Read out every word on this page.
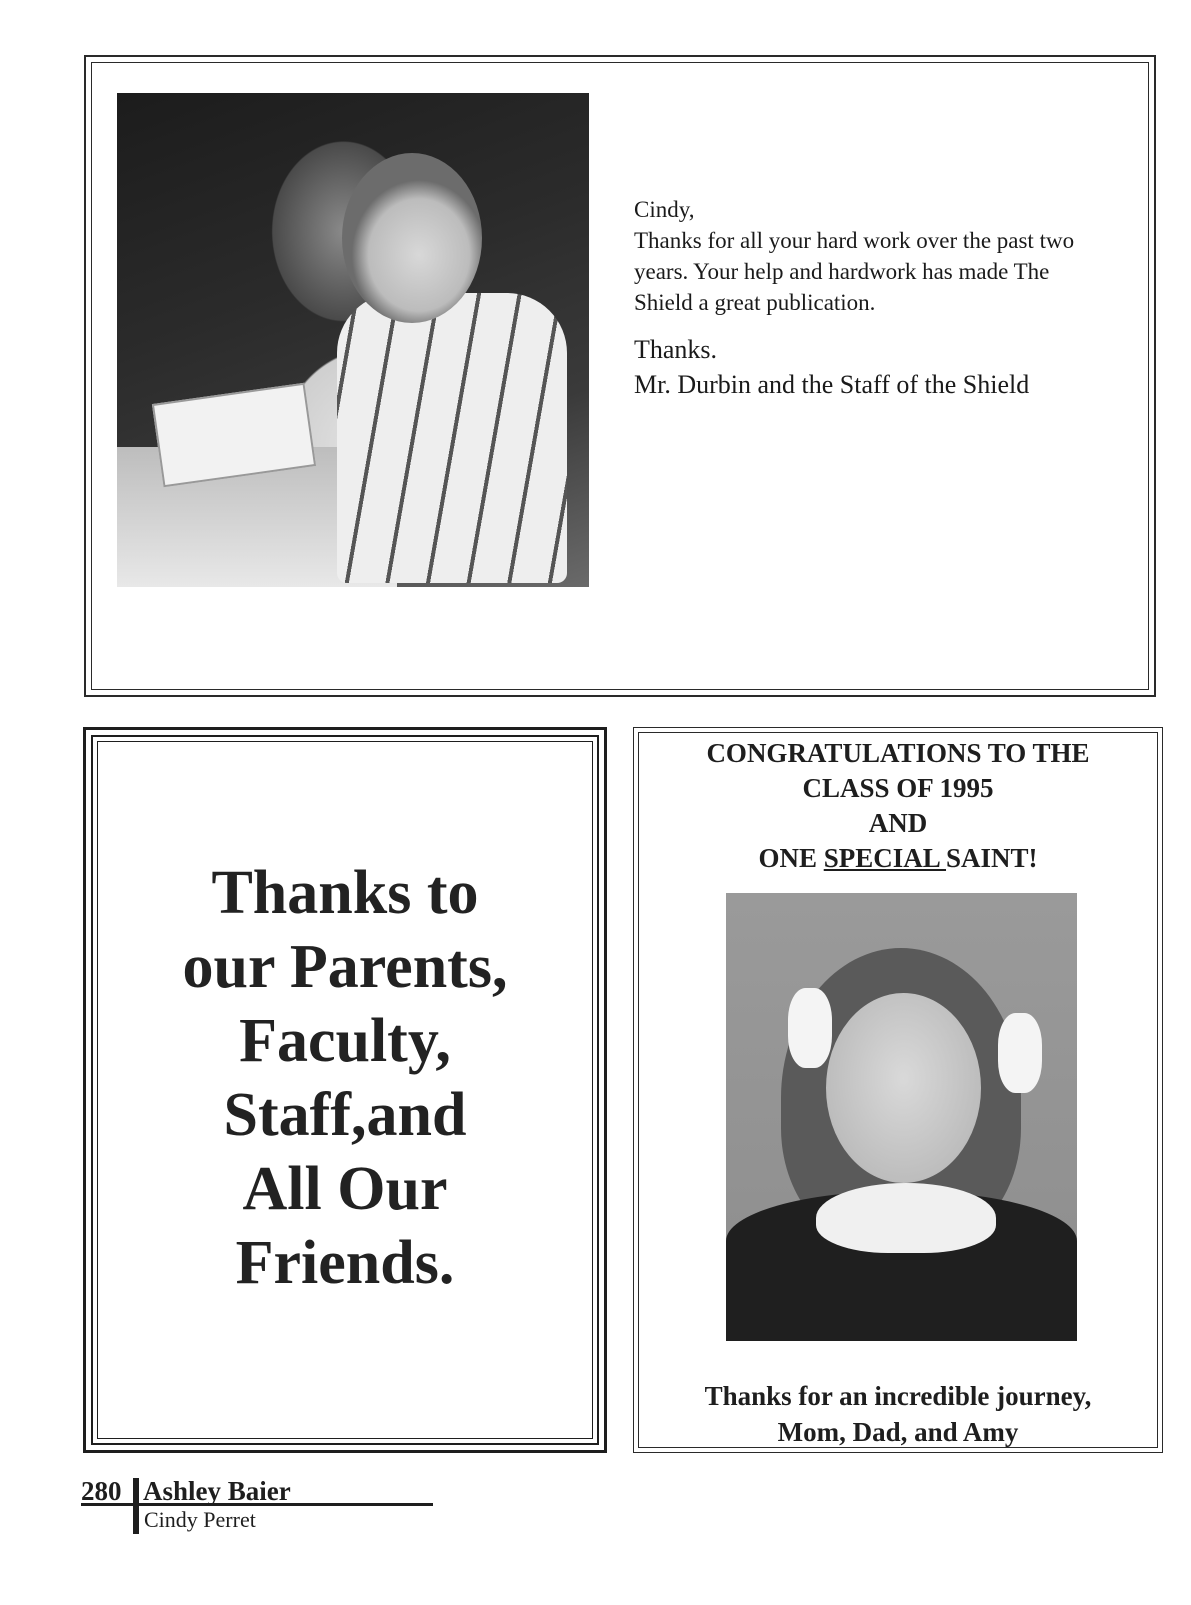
Cindy,

Thanks for all your hard work over the past two

years. Your help and hardwork has made The

Shield a great publication.

Thanks.

Mr. Durbin and the Staff of the Shield

Thanks to
our Parents,
Faculty,
Staff,and
All Our
Friends.
CONGRATULATIONS TO THE
CLASS OF 1995
AND
ONE SPECIAL SAINT!
Thanks for an incredible journey,
Mom, Dad, and Amy
280 Ashley Baier
Cindy Perret
